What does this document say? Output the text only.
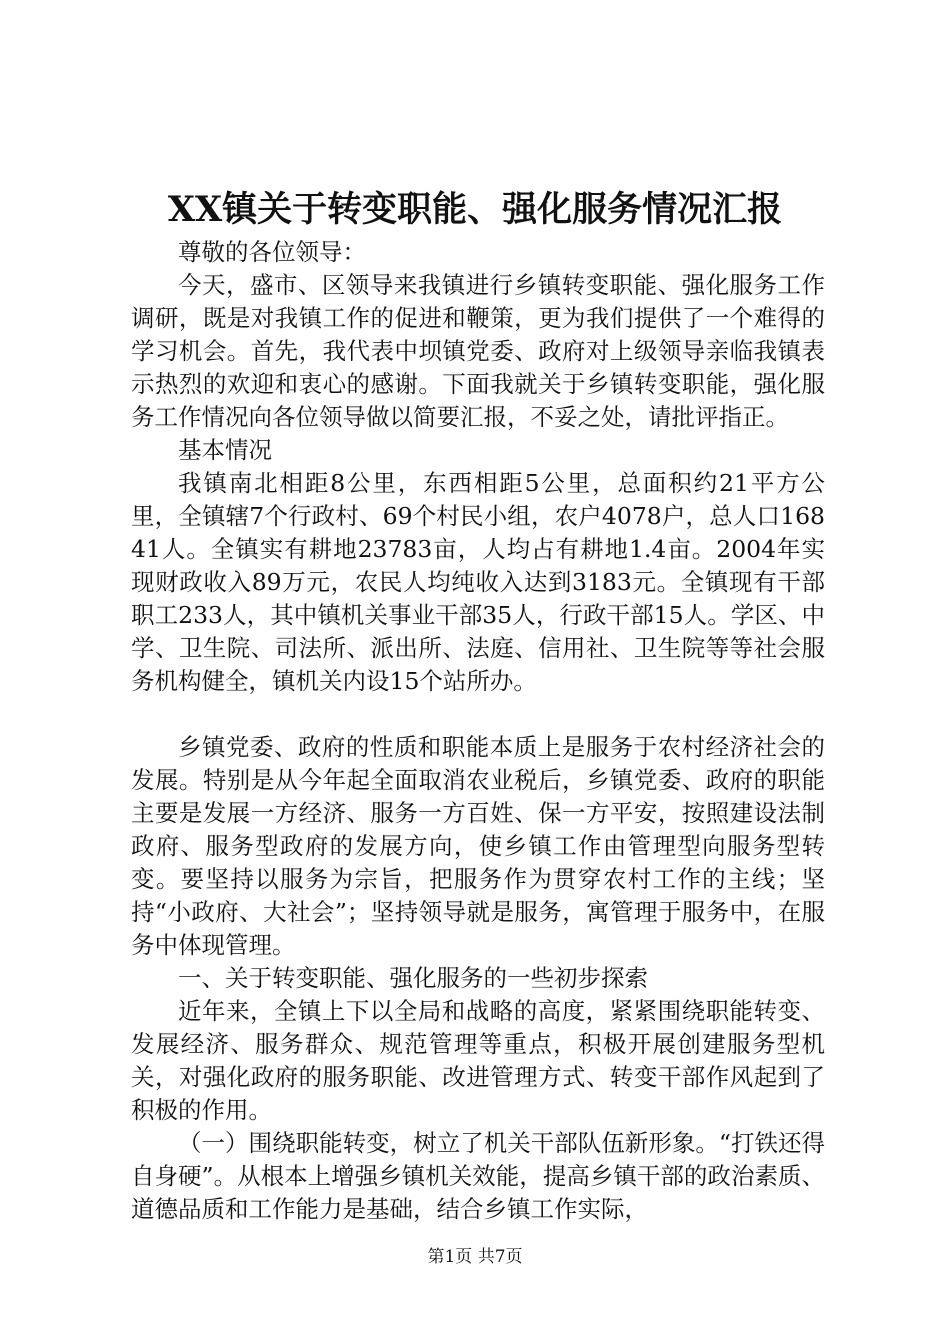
XX镇关于转变职能、强化服务情况汇报

尊敬的各位领导：

今天，盛市、区领导来我镇进行乡镇转变职能、强化服务工作调研，既是对我镇工作的促进和鞭策，更为我们提供了一个难得的学习机会。首先，我代表中坝镇党委、政府对上级领导亲临我镇表示热烈的欢迎和衷心的感谢。下面我就关于乡镇转变职能，强化服务工作情况向各位领导做以简要汇报，不妥之处，请批评指正。

基本情况

我镇南北相距8公里，东西相距5公里，总面积约21平方公里，全镇辖7个行政村、69个村民小组，农户4078户，总人口16841人。全镇实有耕地23783亩，人均占有耕地1.4亩。2004年实现财政收入89万元，农民人均纯收入达到3183元。全镇现有干部职工233人，其中镇机关事业干部35人，行政干部15人。学区、中学、卫生院、司法所、派出所、法庭、信用社、卫生院等等社会服务机构健全，镇机关内设15个站所办。

乡镇党委、政府的性质和职能本质上是服务于农村经济社会的发展。特别是从今年起全面取消农业税后，乡镇党委、政府的职能主要是发展一方经济、服务一方百姓、保一方平安，按照建设法制政府、服务型政府的发展方向，使乡镇工作由管理型向服务型转变。要坚持以服务为宗旨，把服务作为贯穿农村工作的主线；坚持“小政府、大社会”；坚持领导就是服务，寓管理于服务中，在服务中体现管理。

一、关于转变职能、强化服务的一些初步探索

近年来，全镇上下以全局和战略的高度，紧紧围绕职能转变、发展经济、服务群众、规范管理等重点，积极开展创建服务型机关，对强化政府的服务职能、改进管理方式、转变干部作风起到了积极的作用。

（一）围绕职能转变，树立了机关干部队伍新形象。“打铁还得自身硬”。从根本上增强乡镇机关效能，提高乡镇干部的政治素质、道德品质和工作能力是基础，结合乡镇工作实际，

第1页 共7页
